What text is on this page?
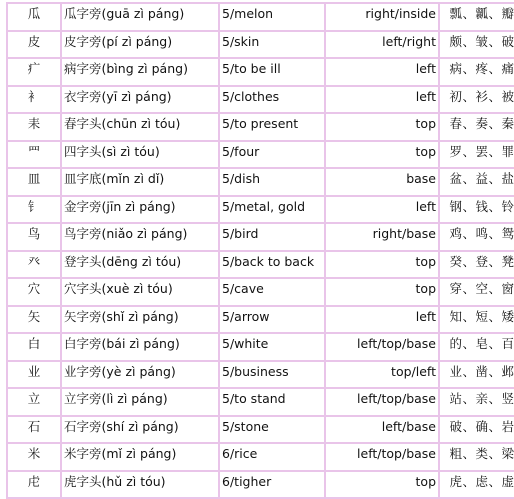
瓜	瓜字旁(guā zì páng)	5/melon	right/inside	瓢、瓤、瓣
皮	皮字旁(pí zì páng)	5/skin	left/right	颇、皱、破
疒	病字旁(bìng zì páng)	5/to be ill	left	病、疼、痛
衤	衣字旁(yī zì páng)	5/clothes	left	初、衫、被
耒	春字头(chūn zì tóu)	5/to present	top	春、奏、秦
罒	四字头(sì zì tóu)	5/four	top	罗、罢、罪
皿	皿字底(mǐn zì dǐ)	5/dish	base	盆、益、盐
钅	金字旁(jīn zì páng)	5/metal, gold	left	钢、钱、铃
鸟	鸟字旁(niǎo zì páng)	5/bird	right/base	鸡、鸣、鸳
癶	登字头(dēng zì tóu)	5/back to back	top	癸、登、凳
穴	穴字头(xuè zì tóu)	5/cave	top	穿、空、窗
矢	矢字旁(shǐ zì páng)	5/arrow	left	知、短、矮
白	白字旁(bái zì páng)	5/white	left/top/base	的、皂、百
业	业字旁(yè zì páng)	5/business	top/left	业、凿、邺
立	立字旁(lì zì páng)	5/to stand	left/top/base	站、亲、竖
石	石字旁(shí zì páng)	5/stone	left/base	破、确、岩
米	米字旁(mǐ zì páng)	6/rice	left/top/base	粗、类、梁
虍	虎字头(hǔ zì tóu)	6/tigher	top	虎、虑、虚
